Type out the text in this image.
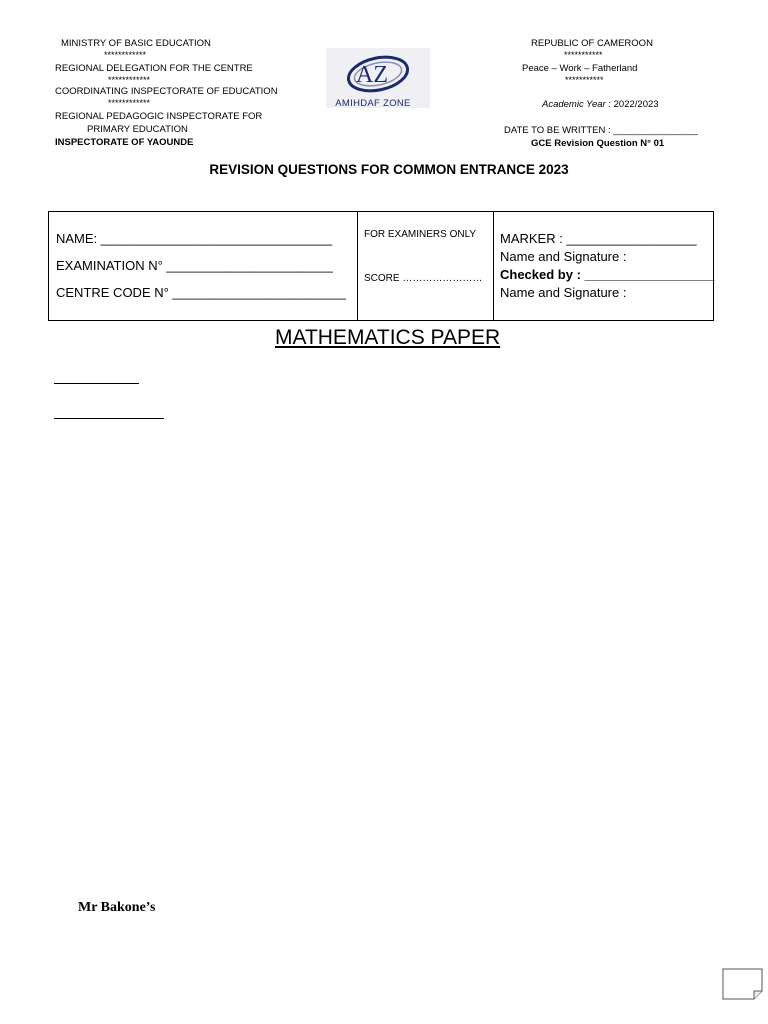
MINISTRY OF BASIC EDUCATION
************
REGIONAL DELEGATION FOR THE CENTRE
************
COORDINATING INSPECTORATE OF EDUCATION
************
REGIONAL PEDAGOGIC INSPECTORATE FOR
PRIMARY EDUCATION
INSPECTORATE OF YAOUNDE
AZ
AMIHDAF ZONE
REPUBLIC OF CAMEROON
***********
Peace – Work – Fatherland
***********
Academic Year : 2022/2023
DATE TO BE WRITTEN : ________________
GCE Revision Question N° 01
REVISION QUESTIONS FOR COMMON ENTRANCE 2023
NAME: ________________________________
EXAMINATION N° _______________________
CENTRE CODE N° ________________________
FOR EXAMINERS ONLY
SCORE ……………………
MARKER : __________________
Name and Signature :
Checked by : __________________
Name and Signature :
MATHEMATICS PAPER
Mr Bakone’s
